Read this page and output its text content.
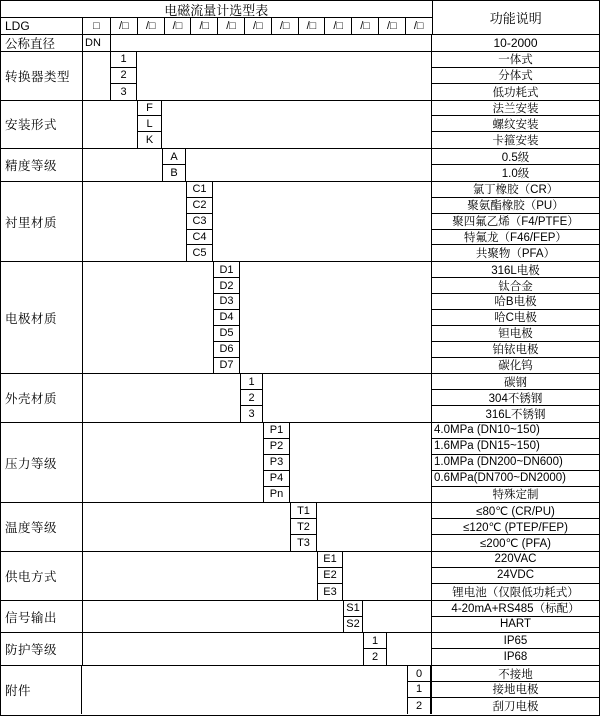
电磁流量计选型表
LDG	□	/□	/□	/□	/□	/□	/□	/□	/□	/□	/□	/□	/□	功能说明
公称直径	DN	10-2000
转换器类型
1	一体式
2	分体式
3	低功耗式
安装形式
F	法兰安装
L	螺纹安装
K	卡箍安装
精度等级
A	0.5级
B	1.0级
衬里材质
C1	氯丁橡胶（CR）
C2	聚氨酯橡胶（PU）
C3	聚四氟乙烯（F4/PTFE）
C4	特氟龙（F46/FEP）
C5	共聚物（PFA）
电极材质
D1	316L电极
D2	钛合金
D3	哈B电极
D4	哈C电极
D5	钽电极
D6	铂铱电极
D7	碳化钨
外壳材质
1	碳钢
2	304不锈钢
3	316L不锈钢
压力等级
P1	4.0MPa (DN10~150)
P2	1.6MPa (DN15~150)
P3	1.0MPa (DN200~DN600)
P4	0.6MPa(DN700~DN2000)
Pn	特殊定制
温度等级
T1	≤80℃ (CR/PU)
T2	≤120℃ (PTEP/FEP)
T3	≤200℃ (PFA)
供电方式
E1	220VAC
E2	24VDC
E3	锂电池（仅限低功耗式）
信号输出
S1	4-20mA+RS485（标配）
S2	HART
防护等级
1	IP65
2	IP68
附件
0	不接地
1	接地电极
2	刮刀电极
